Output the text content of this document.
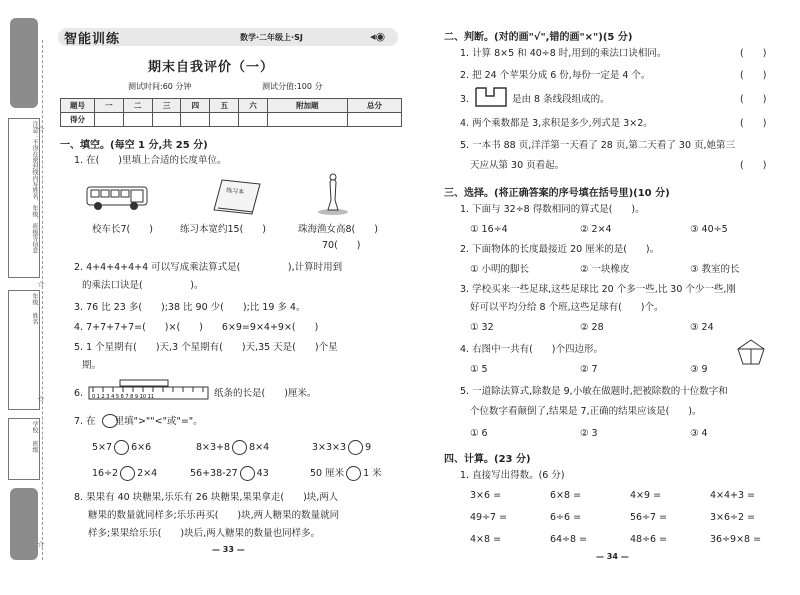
注意：不得在密封线内写姓名、年级、班级等信息
年级　 姓名
学校　 班级
☆
☆
☆
☆
智能训练	数学·二年级上·SJ	◂◉
期末自我评价（一）
测试时间:60 分钟	测试分值:100 分
题号	一	二	三	四	五	六	附加题	总分
得分								
一、填空。(每空 1 分,共 25 分)
1. 在(　　)里填上合适的长度单位。
练习本
校车长7(　　)	练习本宽约15(　　)	珠海渔女高8(　　)
70(　　)
2. 4+4+4+4+4 可以写成乘法算式是(　　　　　),计算时用到
的乘法口诀是(　　　　　)。
3. 76 比 23 多(　　);38 比 90 少(　　);比 19 多 4。
4. 7+7+7+7=(　　)×(　　)　　6×9=9×4+9×(　　)
5. 1 个星期有(　　)天,3 个星期有(　　)天,35 天是(　　)个星
期。
6. 0 1 2 3 4 5 6 7 8 9 10 11	纸条的长是(　　)厘米。
7. 在　　里填">""<"或"="。
5×7 6×6	8×3+8 8×4	3×3×3 9
16÷2 2×4	56+38-27 43	50 厘米 1 米
8. 果果有 40 块糖果,乐乐有 26 块糖果,果果拿走(　　)块,两人
糖果的数量就同样多;乐乐再买(　　)块,两人糖果的数量就同
样多;果果给乐乐(　　)块后,两人糖果的数量也同样多。
— 33 —
二、判断。(对的画"√",错的画"×")(5 分)
1. 计算 8×5 和 40÷8 时,用到的乘法口诀相同。	(　　)
2. 把 24 个苹果分成 6 份,每份一定是 4 个。	(　　)
3.	是由 8 条线段组成的。	(　　)
4. 两个乘数都是 3,求积是多少,列式是 3×2。	(　　)
5. 一本书 88 页,洋洋第一天看了 28 页,第二天看了 30 页,她第三
天应从第 30 页看起。	(　　)
三、选择。(将正确答案的序号填在括号里)(10 分)
1. 下面与 32÷8 得数相同的算式是(　　)。
① 16÷4	② 2×4	③ 40÷5
2. 下面物体的长度最接近 20 厘米的是(　　)。
① 小明的脚长	② 一块橡皮	③ 教室的长
3. 学校买来一些足球,这些足球比 20 个多一些,比 30 个少一些,刚
好可以平均分给 8 个班,这些足球有(　　)个。
① 32	② 28	③ 24
4. 右图中一共有(　　)个四边形。
① 5	② 7	③ 9
5. 一道除法算式,除数是 9,小敏在做题时,把被除数的十位数字和
个位数字看颠倒了,结果是 7,正确的结果应该是(　　)。
① 6	② 3	③ 4
四、计算。(23 分)
1. 直接写出得数。(6 分)
3×6 =	6×8 =	4×9 =	4×4+3 =
49÷7 =	6÷6 =	56÷7 =	3×6÷2 =
4×8 =	64÷8 =	48÷6 =	36÷9×8 =
— 34 —
